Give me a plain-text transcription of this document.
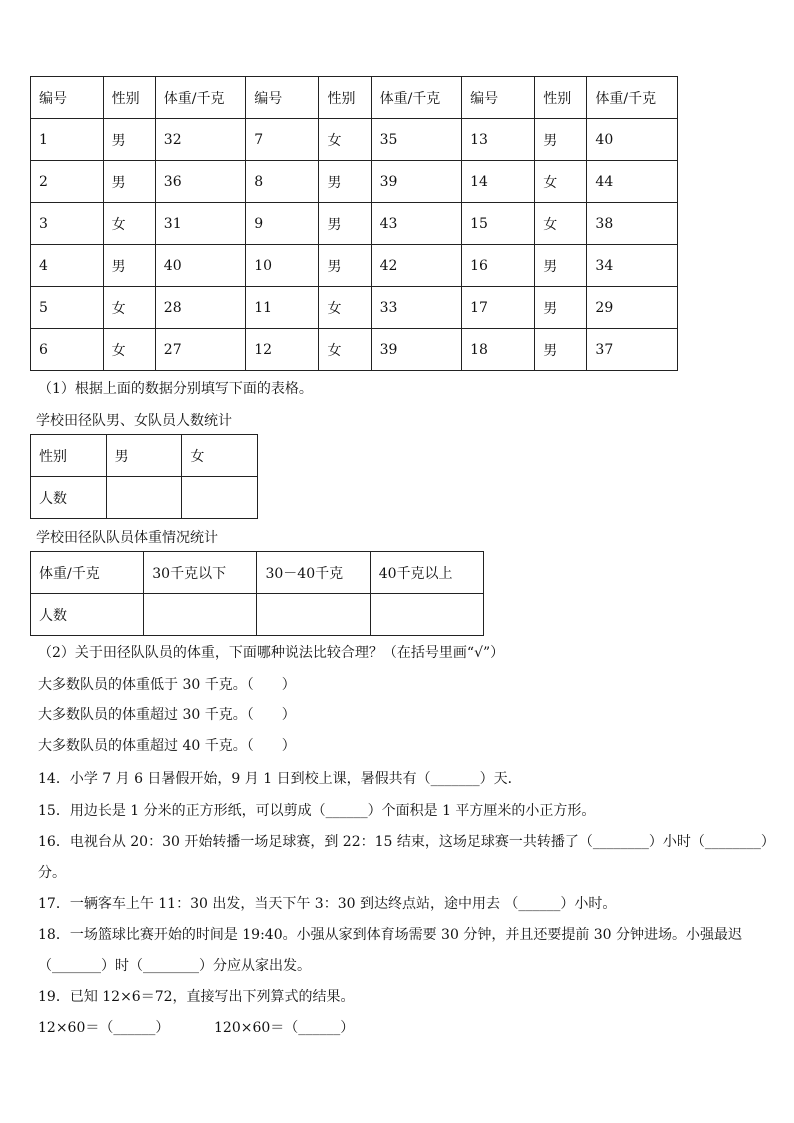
编号	性别	体重/千克	编号	性别	体重/千克	编号	性别	体重/千克
1	男	32	7	女	35	13	男	40
2	男	36	8	男	39	14	女	44
3	女	31	9	男	43	15	女	38
4	男	40	10	男	42	16	男	34
5	女	28	11	女	33	17	男	29
6	女	27	12	女	39	18	男	37
（1）根据上面的数据分别填写下面的表格。
学校田径队男、女队员人数统计
性别	男	女
人数		
学校田径队队员体重情况统计
体重/千克	30千克以下	30－40千克	40千克以上
人数			
（2）关于田径队队员的体重，下面哪种说法比较合理？（在括号里画“√”）
大多数队员的体重低于 30 千克。（　　）
大多数队员的体重超过 30 千克。（　　）
大多数队员的体重超过 40 千克。（　　）
14．小学 7 月 6 日暑假开始，9 月 1 日到校上课，暑假共有（_______）天．
15．用边长是 1 分米的正方形纸，可以剪成（______）个面积是 1 平方厘米的小正方形。
16．电视台从 20：30 开始转播一场足球赛，到 22：15 结束，这场足球赛一共转播了（________）小时（________）
分。
17．一辆客车上午 11：30 出发，当天下午 3：30 到达终点站，途中用去 （______）小时。
18．一场篮球比赛开始的时间是 19:40。小强从家到体育场需要 30 分钟，并且还要提前 30 分钟进场。小强最迟
（_______）时（________）分应从家出发。
19．已知 12×6＝72，直接写出下列算式的结果。
12×60＝（______）	120×60＝（______）
